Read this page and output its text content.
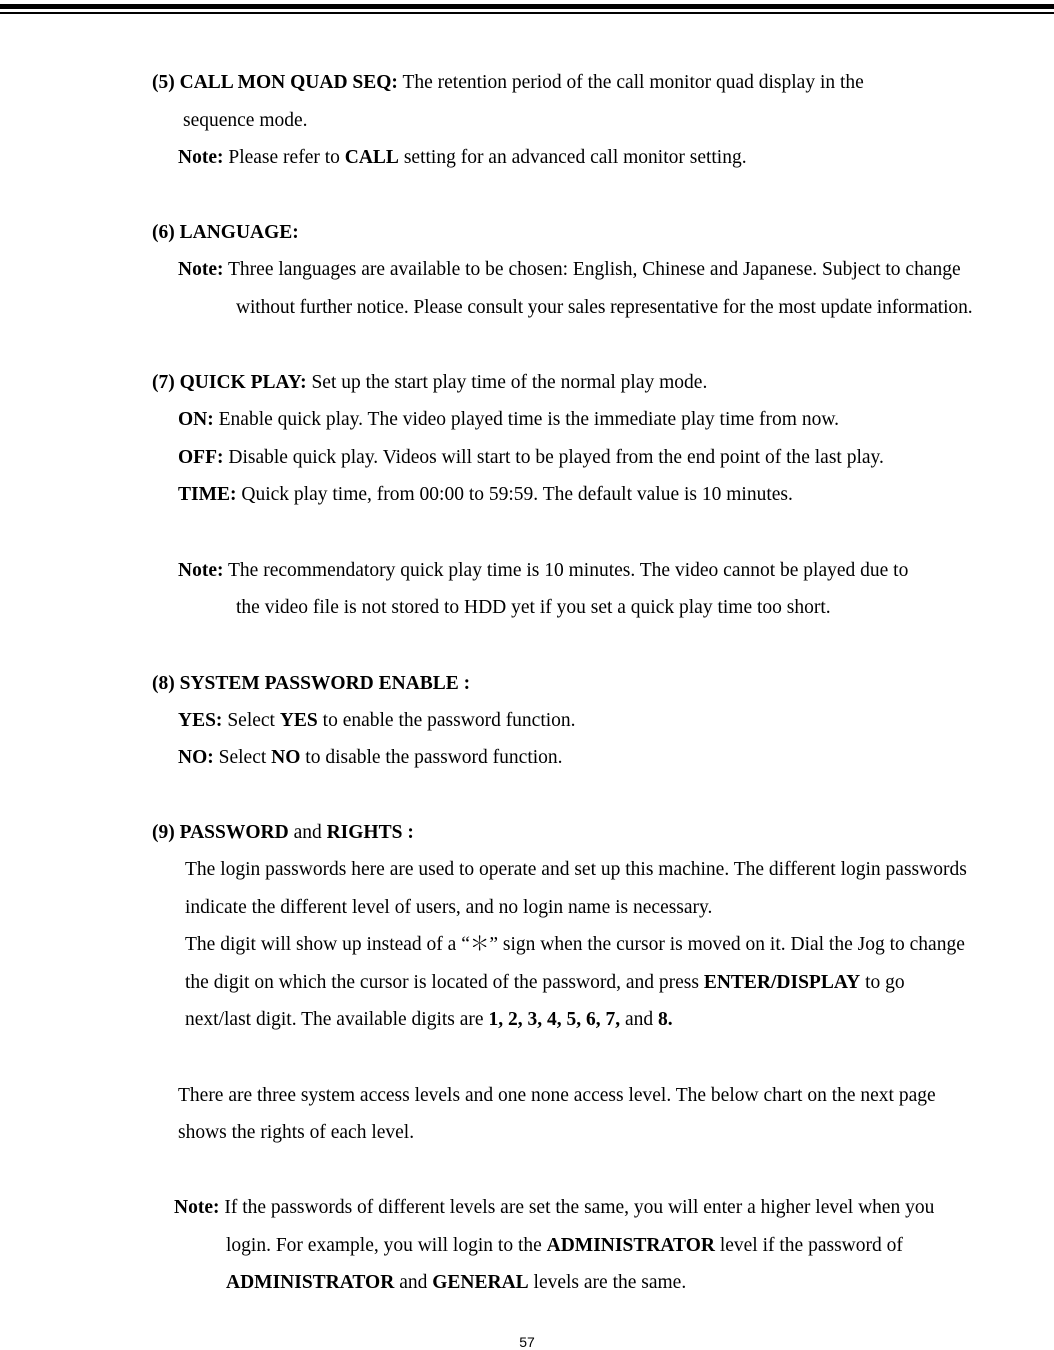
(5) CALL MON QUAD SEQ: The retention period of the call monitor quad display in the
sequence mode.
Note: Please refer to CALL setting for an advanced call monitor setting.
(6) LANGUAGE:
Note: Three languages are available to be chosen: English, Chinese and Japanese. Subject to change
without further notice. Please consult your sales representative for the most update information.
(7) QUICK PLAY: Set up the start play time of the normal play mode.
ON: Enable quick play. The video played time is the immediate play time from now.
OFF: Disable quick play. Videos will start to be played from the end point of the last play.
TIME: Quick play time, from 00:00 to 59:59. The default value is 10 minutes.
Note: The recommendatory quick play time is 10 minutes. The video cannot be played due to
the video file is not stored to HDD yet if you set a quick play time too short.
(8) SYSTEM PASSWORD ENABLE :
YES: Select YES to enable the password function.
NO: Select NO to disable the password function.
(9) PASSWORD and RIGHTS :
The login passwords here are used to operate and set up this machine. The different login passwords
indicate the different level of users, and no login name is necessary.
The digit will show up instead of a “＊” sign when the cursor is moved on it. Dial the Jog to change
the digit on which the cursor is located of the password, and press ENTER/DISPLAY to go
next/last digit. The available digits are 1, 2, 3, 4, 5, 6, 7, and 8.
There are three system access levels and one none access level. The below chart on the next page
shows the rights of each level.
Note: If the passwords of different levels are set the same, you will enter a higher level when you
login. For example, you will login to the ADMINISTRATOR level if the password of
ADMINISTRATOR and GENERAL levels are the same.
57
